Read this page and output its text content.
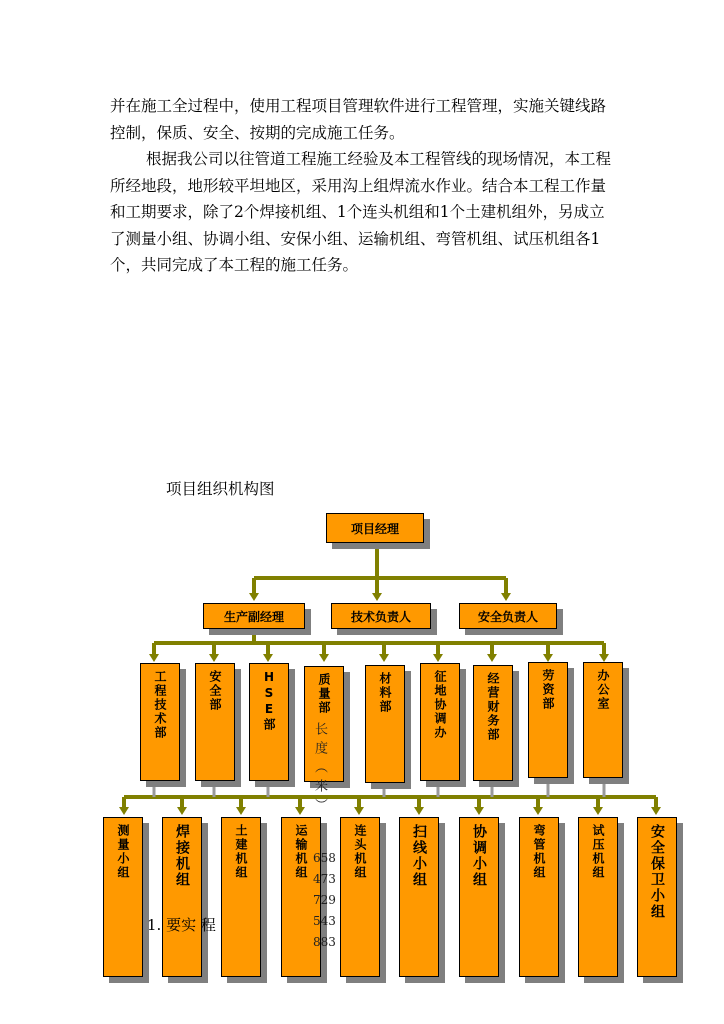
并在施工全过程中，使用工程项目管理软件进行工程管理，实施关键线路控制，保质、安全、按期的完成施工任务。

根据我公司以往管道工程施工经验及本工程管线的现场情况，本工程所经地段，地形较平坦地区，采用沟上组焊流水作业。结合本工程工作量和工期要求，除了2个焊接机组、1个连头机组和1个土建机组外，另成立了测量小组、协调小组、安保小组、运输机组、弯管机组、试压机组各1个，共同完成了本工程的施工任务。

项目组织机构图
项目经理
生产副经理	技术负责人	安全负责人
工程技术部	安全部	HSE部	质量部	材料部	征地协调办	经营财务部	劳资部	办公室
长度（米）
测量小组	焊接机组	土建机组	运输机组	连头机组	扫线小组	协调小组	弯管机组	试压机组	安全保卫小组
658
473
729
543
883
1. 要实 程
